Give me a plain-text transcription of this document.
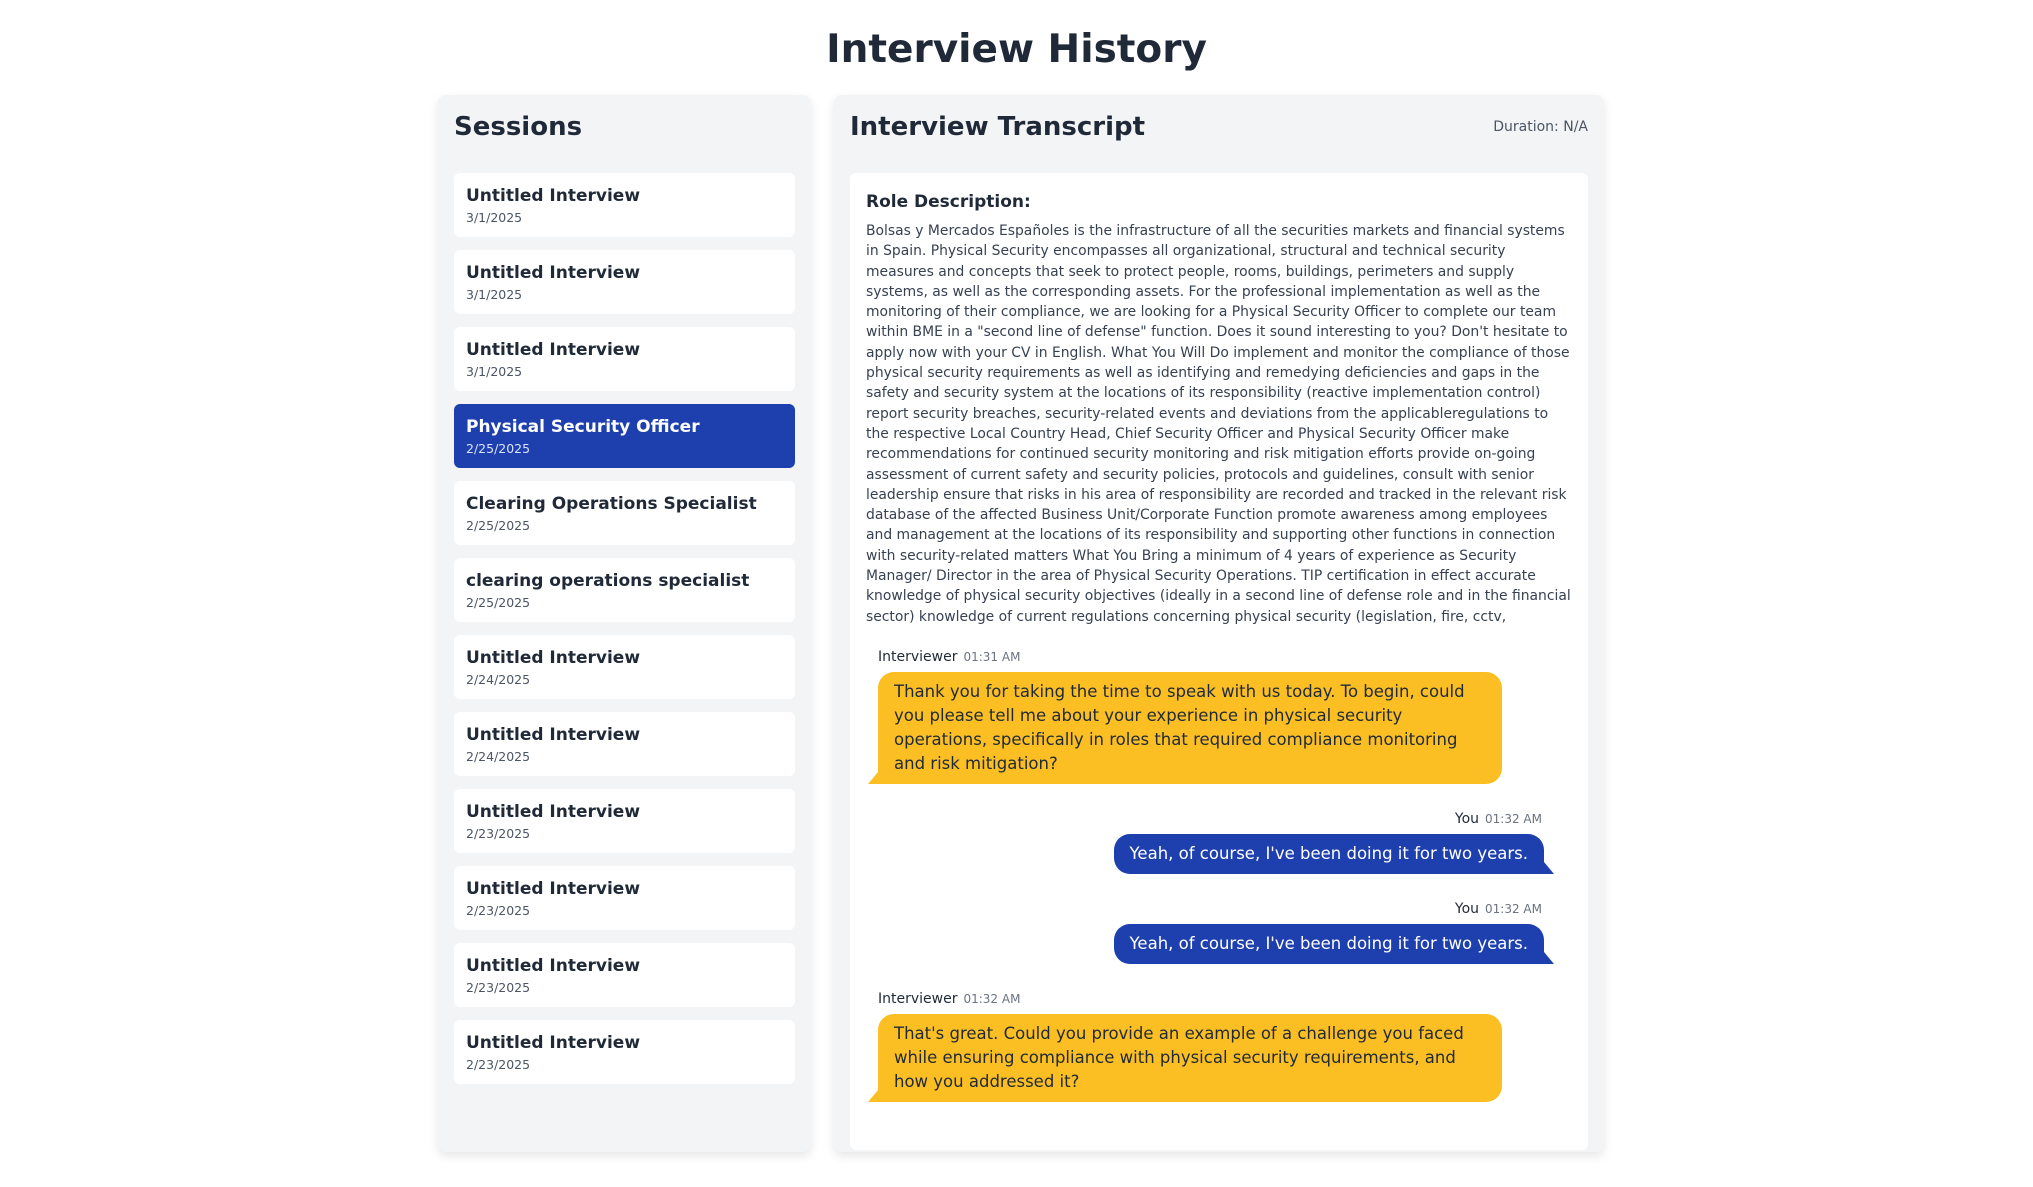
Interview History
Sessions
Untitled Interview
3/1/2025
Untitled Interview
3/1/2025
Untitled Interview
3/1/2025
Physical Security Officer
2/25/2025
Clearing Operations Specialist
2/25/2025
clearing operations specialist
2/25/2025
Untitled Interview
2/24/2025
Untitled Interview
2/24/2025
Untitled Interview
2/23/2025
Untitled Interview
2/23/2025
Untitled Interview
2/23/2025
Untitled Interview
2/23/2025
Interview Transcript	Duration: N/A
Role Description:

Bolsas y Mercados Españoles is the infrastructure of all the securities markets and financial systems in Spain. Physical Security encompasses all organizational, structural and technical security measures and concepts that seek to protect people, rooms, buildings, perimeters and supply systems, as well as the corresponding assets. For the professional implementation as well as the monitoring of their compliance, we are looking for a Physical Security Officer to complete our team within BME in a "second line of defense" function. Does it sound interesting to you? Don't hesitate to apply now with your CV in English. What You Will Do implement and monitor the compliance of those physical security requirements as well as identifying and remedying deficiencies and gaps in the safety and security system at the locations of its responsibility (reactive implementation control) report security breaches, security-related events and deviations from the applicableregulations to the respective Local Country Head, Chief Security Officer and Physical Security Officer make recommendations for continued security monitoring and risk mitigation efforts provide on-going assessment of current safety and security policies, protocols and guidelines, consult with senior leadership ensure that risks in his area of responsibility are recorded and tracked in the relevant risk database of the affected Business Unit/Corporate Function promote awareness among employees and management at the locations of its responsibility and supporting other functions in connection with security-related matters What You Bring a minimum of 4 years of experience as Security Manager/ Director in the area of Physical Security Operations. TIP certification in effect accurate knowledge of physical security objectives (ideally in a second line of defense role and in the financial sector) knowledge of current regulations concerning physical security (legislation, fire, cctv,

Interviewer 01:31 AM
Thank you for taking the time to speak with us today. To begin, could you please tell me about your experience in physical security operations, specifically in roles that required compliance monitoring and risk mitigation?
You 01:32 AM
Yeah, of course, I've been doing it for two years.
You 01:32 AM
Yeah, of course, I've been doing it for two years.
Interviewer 01:32 AM
That's great. Could you provide an example of a challenge you faced while ensuring compliance with physical security requirements, and how you addressed it?
